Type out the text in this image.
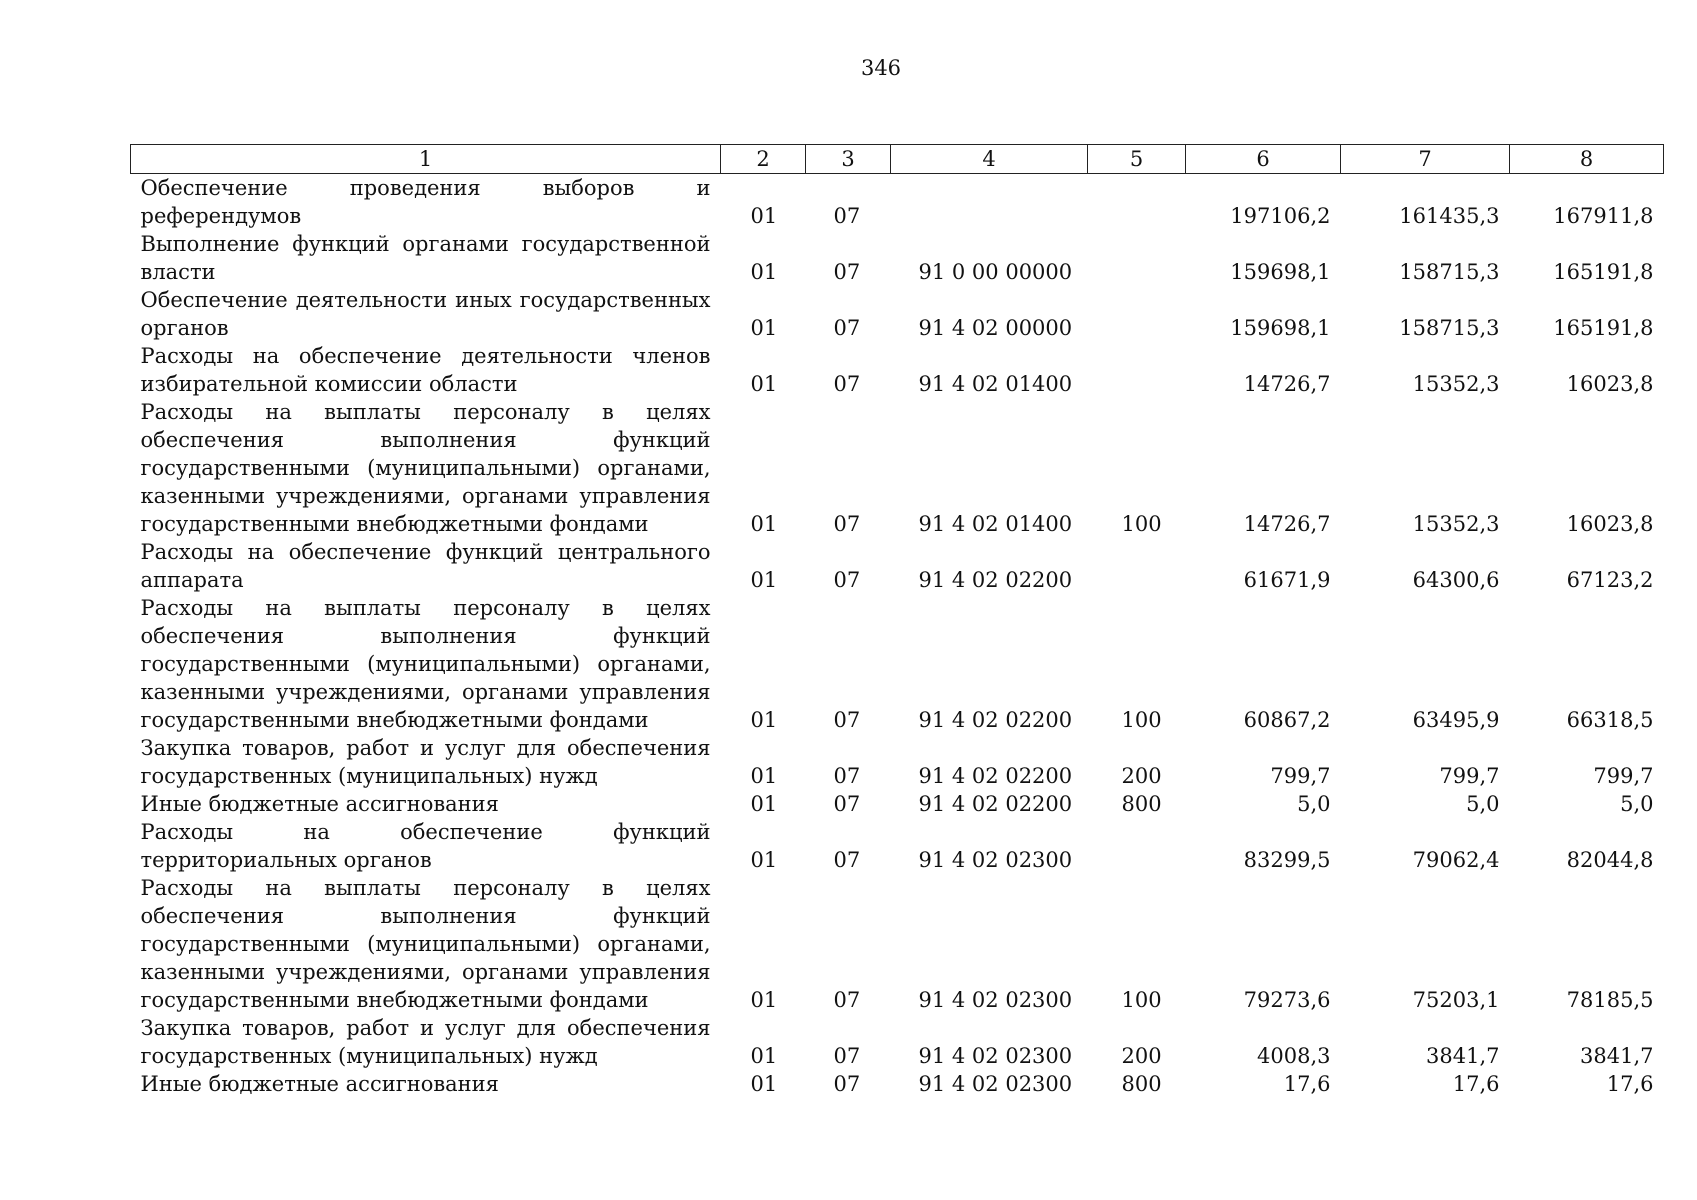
346
1	2	3	4	5	6	7	8
Обеспечение проведения выборов и референдумов	01	07			197106,2	161435,3	167911,8
Выполнение функций органами государственной власти	01	07	91 0 00 00000		159698,1	158715,3	165191,8
Обеспечение деятельности иных государственных органов	01	07	91 4 02 00000		159698,1	158715,3	165191,8
Расходы на обеспечение деятельности членов избирательной комиссии области	01	07	91 4 02 01400		14726,7	15352,3	16023,8
Расходы на выплаты персоналу в целях обеспечения выполнения функций государственными (муниципальными) органами, казенными учреждениями, органами управления государственными внебюджетными фондами	01	07	91 4 02 01400	100	14726,7	15352,3	16023,8
Расходы на обеспечение функций центрального аппарата	01	07	91 4 02 02200		61671,9	64300,6	67123,2
Расходы на выплаты персоналу в целях обеспечения выполнения функций государственными (муниципальными) органами, казенными учреждениями, органами управления государственными внебюджетными фондами	01	07	91 4 02 02200	100	60867,2	63495,9	66318,5
Закупка товаров, работ и услуг для обеспечения государственных (муниципальных) нужд	01	07	91 4 02 02200	200	799,7	799,7	799,7
Иные бюджетные ассигнования	01	07	91 4 02 02200	800	5,0	5,0	5,0
Расходы на обеспечение функций территориальных органов	01	07	91 4 02 02300		83299,5	79062,4	82044,8
Расходы на выплаты персоналу в целях обеспечения выполнения функций государственными (муниципальными) органами, казенными учреждениями, органами управления государственными внебюджетными фондами	01	07	91 4 02 02300	100	79273,6	75203,1	78185,5
Закупка товаров, работ и услуг для обеспечения государственных (муниципальных) нужд	01	07	91 4 02 02300	200	4008,3	3841,7	3841,7
Иные бюджетные ассигнования	01	07	91 4 02 02300	800	17,6	17,6	17,6
